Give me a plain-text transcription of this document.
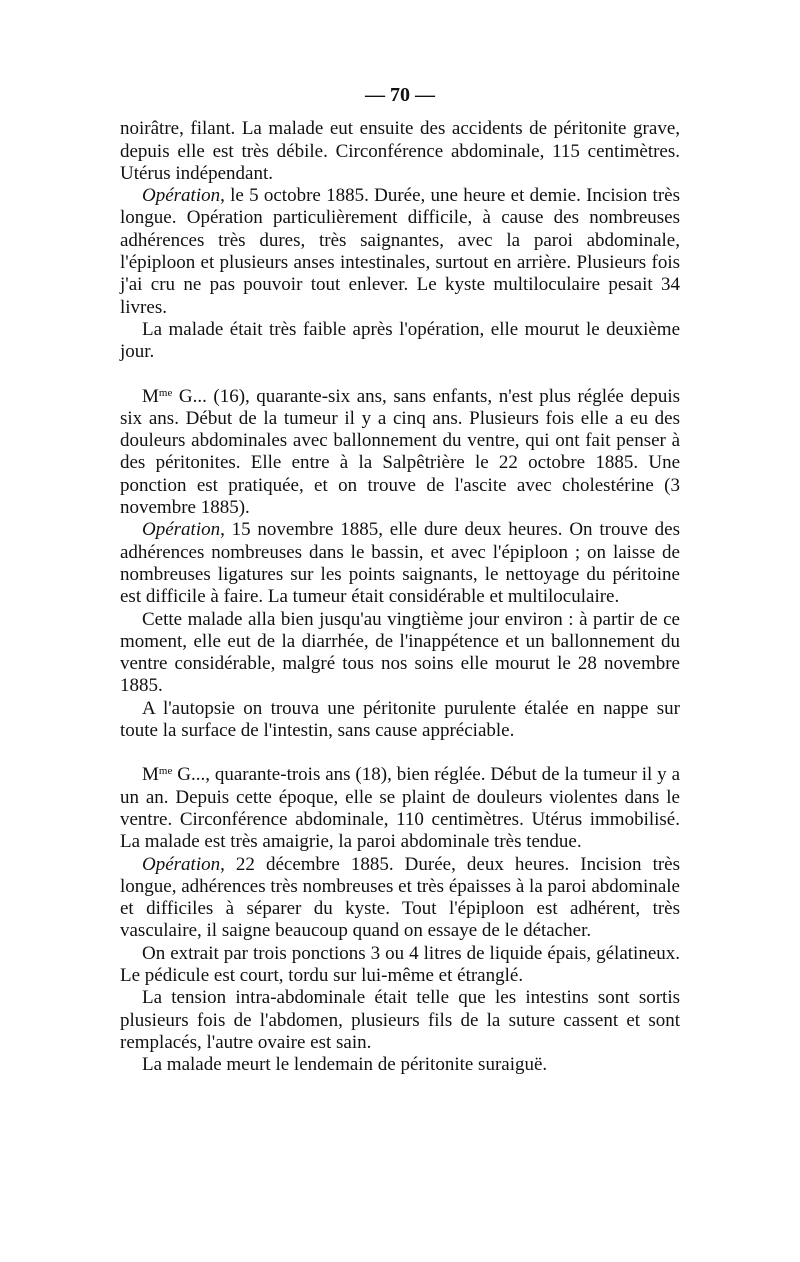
— 70 —

noirâtre, filant. La malade eut ensuite des accidents de péritonite grave, depuis elle est très débile. Circonférence abdominale, 115 centimètres. Utérus indépendant.

Opération, le 5 octobre 1885. Durée, une heure et demie. Incision très longue. Opération particulièrement difficile, à cause des nombreuses adhérences très dures, très saignantes, avec la paroi abdominale, l'épiploon et plusieurs anses intestinales, surtout en arrière. Plusieurs fois j'ai cru ne pas pouvoir tout enlever. Le kyste multiloculaire pesait 34 livres.

La malade était très faible après l'opération, elle mourut le deuxième jour.

$M^{me}$ G... (16), quarante-six ans, sans enfants, n'est plus réglée depuis six ans. Début de la tumeur il y a cinq ans. Plusieurs fois elle a eu des douleurs abdominales avec ballonnement du ventre, qui ont fait penser à des péritonites. Elle entre à la Salpêtrière le 22 octobre 1885. Une ponction est pratiquée, et on trouve de l'ascite avec cholestérine (3 novembre 1885).

Opération, 15 novembre 1885, elle dure deux heures. On trouve des adhérences nombreuses dans le bassin, et avec l'épiploon ; on laisse de nombreuses ligatures sur les points saignants, le nettoyage du péritoine est difficile à faire. La tumeur était considérable et multiloculaire.

Cette malade alla bien jusqu'au vingtième jour environ : à partir de ce moment, elle eut de la diarrhée, de l'inappétence et un ballonnement du ventre considérable, malgré tous nos soins elle mourut le 28 novembre 1885.

A l'autopsie on trouva une péritonite purulente étalée en nappe sur toute la surface de l'intestin, sans cause appréciable.

$M^{me}$ G..., quarante-trois ans (18), bien réglée. Début de la tumeur il y a un an. Depuis cette époque, elle se plaint de douleurs violentes dans le ventre. Circonférence abdominale, 110 centimètres. Utérus immobilisé. La malade est très amaigrie, la paroi abdominale très tendue.

Opération, 22 décembre 1885. Durée, deux heures. Incision très longue, adhérences très nombreuses et très épaisses à la paroi abdominale et difficiles à séparer du kyste. Tout l'épiploon est adhérent, très vasculaire, il saigne beaucoup quand on essaye de le détacher.

On extrait par trois ponctions 3 ou 4 litres de liquide épais, gélatineux. Le pédicule est court, tordu sur lui-même et étranglé.

La tension intra-abdominale était telle que les intestins sont sortis plusieurs fois de l'abdomen, plusieurs fils de la suture cassent et sont remplacés, l'autre ovaire est sain.

La malade meurt le lendemain de péritonite suraiguë.
